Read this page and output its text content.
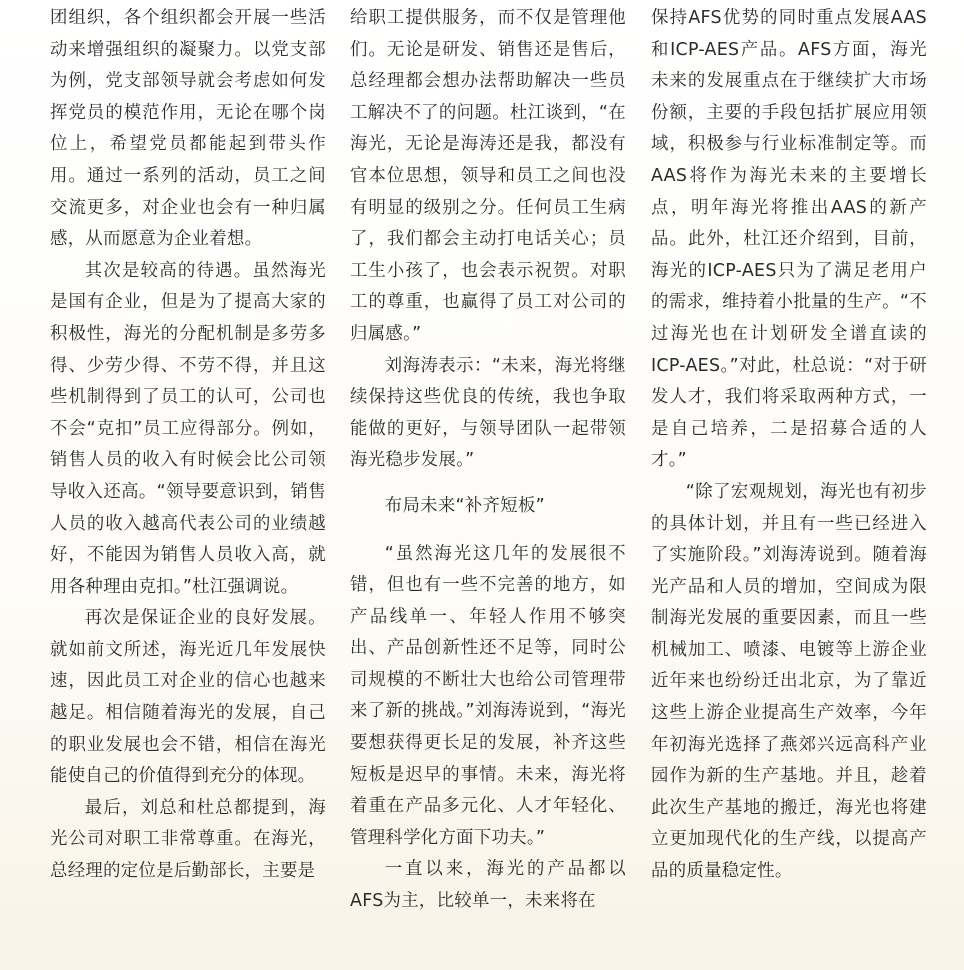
团组织，各个组织都会开展一些活动来增强组织的凝聚力。以党支部为例，党支部领导就会考虑如何发挥党员的模范作用，无论在哪个岗位上，希望党员都能起到带头作用。通过一系列的活动，员工之间交流更多，对企业也会有一种归属感，从而愿意为企业着想。

其次是较高的待遇。虽然海光是国有企业，但是为了提高大家的积极性，海光的分配机制是多劳多得、少劳少得、不劳不得，并且这些机制得到了员工的认可，公司也不会“克扣”员工应得部分。例如，销售人员的收入有时候会比公司领导收入还高。“领导要意识到，销售人员的收入越高代表公司的业绩越好，不能因为销售人员收入高，就用各种理由克扣。”杜江强调说。

再次是保证企业的良好发展。就如前文所述，海光近几年发展快速，因此员工对企业的信心也越来越足。相信随着海光的发展，自己的职业发展也会不错，相信在海光能使自己的价值得到充分的体现。

最后，刘总和杜总都提到，海光公司对职工非常尊重。在海光，总经理的定位是后勤部长，主要是

给职工提供服务，而不仅是管理他们。无论是研发、销售还是售后，总经理都会想办法帮助解决一些员工解决不了的问题。杜江谈到，“在海光，无论是海涛还是我，都没有官本位思想，领导和员工之间也没有明显的级别之分。任何员工生病了，我们都会主动打电话关心；员工生小孩了，也会表示祝贺。对职工的尊重，也赢得了员工对公司的归属感。”

刘海涛表示：“未来，海光将继续保持这些优良的传统，我也争取能做的更好，与领导团队一起带领海光稳步发展。”

布局未来“补齐短板”

“虽然海光这几年的发展很不错，但也有一些不完善的地方，如产品线单一、年轻人作用不够突出、产品创新性还不足等，同时公司规模的不断壮大也给公司管理带来了新的挑战。”刘海涛说到，“海光要想获得更长足的发展，补齐这些短板是迟早的事情。未来，海光将着重在产品多元化、人才年轻化、管理科学化方面下功夫。”

一直以来，海光的产品都以AFS为主，比较单一，未来将在

保持AFS优势的同时重点发展AAS和ICP-AES产品。AFS方面，海光未来的发展重点在于继续扩大市场份额，主要的手段包括扩展应用领域，积极参与行业标准制定等。而AAS将作为海光未来的主要增长点，明年海光将推出AAS的新产品。此外，杜江还介绍到，目前，海光的ICP-AES只为了满足老用户的需求，维持着小批量的生产。“不过海光也在计划研发全谱直读的ICP-AES。”对此，杜总说：“对于研发人才，我们将采取两种方式，一是自己培养，二是招募合适的人才。”

“除了宏观规划，海光也有初步的具体计划，并且有一些已经进入了实施阶段。”刘海涛说到。随着海光产品和人员的增加，空间成为限制海光发展的重要因素，而且一些机械加工、喷漆、电镀等上游企业近年来也纷纷迁出北京，为了靠近这些上游企业提高生产效率，今年年初海光选择了燕郊兴远高科产业园作为新的生产基地。并且，趁着此次生产基地的搬迁，海光也将建立更加现代化的生产线，以提高产品的质量稳定性。
